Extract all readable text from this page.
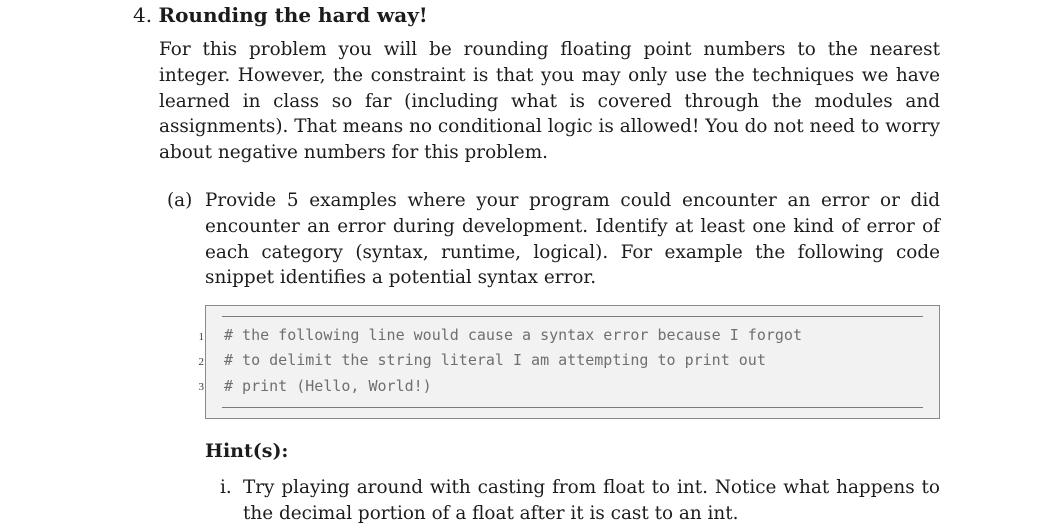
4. Rounding the hard way!
For this problem you will be rounding floating point numbers to the nearest integer. However, the constraint is that you may only use the techniques we have learned in class so far (including what is covered through the modules and assignments). That means no conditional logic is allowed! You do not need to worry about negative numbers for this problem.
(a) Provide 5 examples where your program could encounter an error or did encounter an error during development. Identify at least one kind of error of each category (syntax, runtime, logical). For example the following code snippet identifies a potential syntax error.
1
2
3
# the following line would cause a syntax error because I forgot
# to delimit the string literal I am attempting to print out
# print (Hello, World!)
Hint(s):
i. Try playing around with casting from float to int. Notice what happens to the decimal portion of a float after it is cast to an int.
